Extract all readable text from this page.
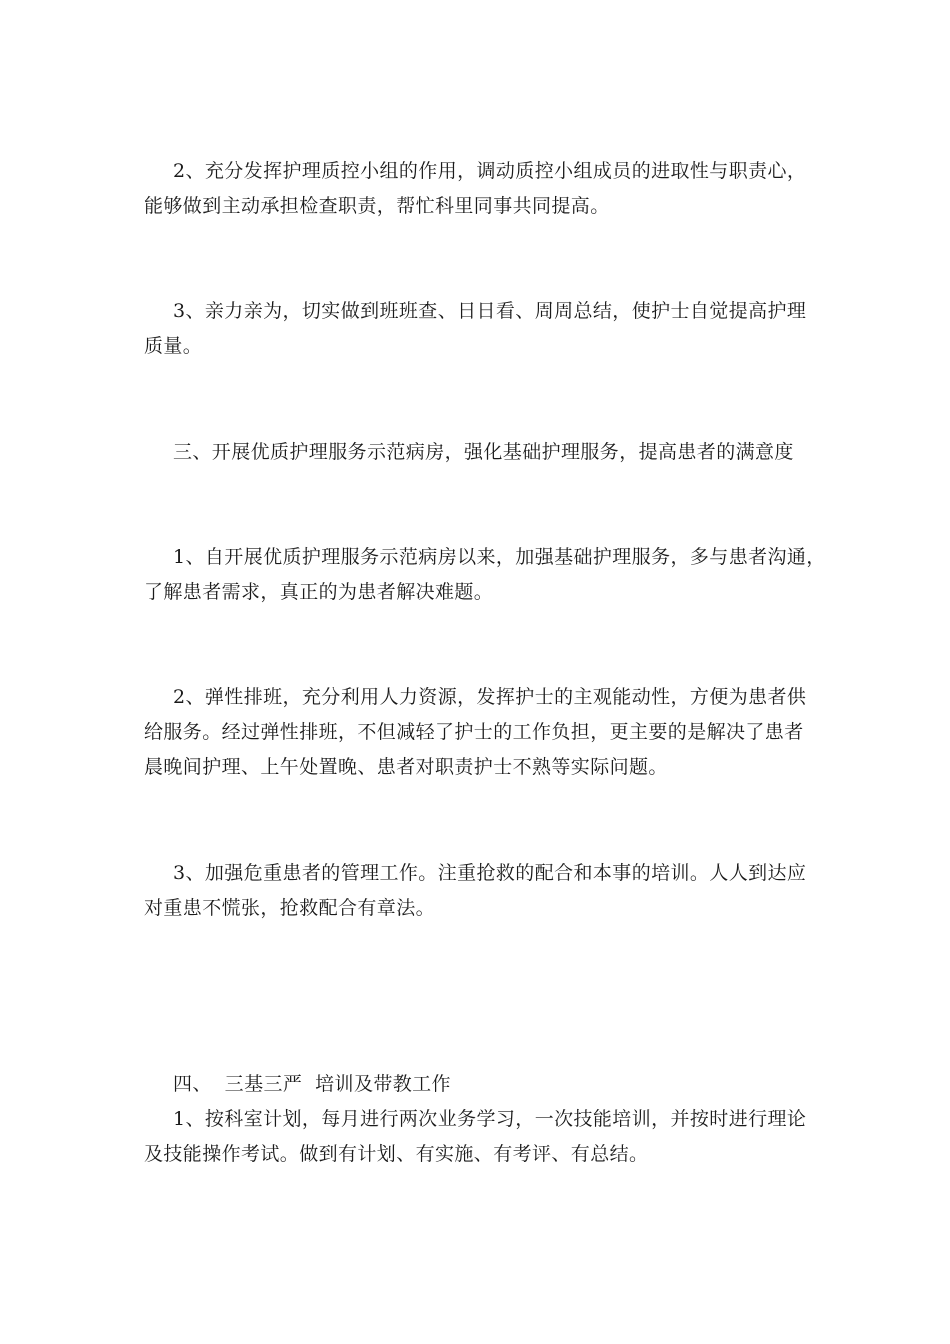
2、充分发挥护理质控小组的作用，调动质控小组成员的进取性与职责心，
能够做到主动承担检查职责，帮忙科里同事共同提高。

3、亲力亲为，切实做到班班查、日日看、周周总结，使护士自觉提高护理
质量。

三、开展优质护理服务示范病房，强化基础护理服务，提高患者的满意度

1、自开展优质护理服务示范病房以来，加强基础护理服务，多与患者沟通，
了解患者需求，真正的为患者解决难题。

2、弹性排班，充分利用人力资源，发挥护士的主观能动性，方便为患者供
给服务。经过弹性排班，不但减轻了护士的工作负担，更主要的是解决了患者
晨晚间护理、上午处置晚、患者对职责护士不熟等实际问题。

3、加强危重患者的管理工作。注重抢救的配合和本事的培训。人人到达应
对重患不慌张，抢救配合有章法。

四、  三基三严  培训及带教工作

1、按科室计划，每月进行两次业务学习，一次技能培训，并按时进行理论
及技能操作考试。做到有计划、有实施、有考评、有总结。
